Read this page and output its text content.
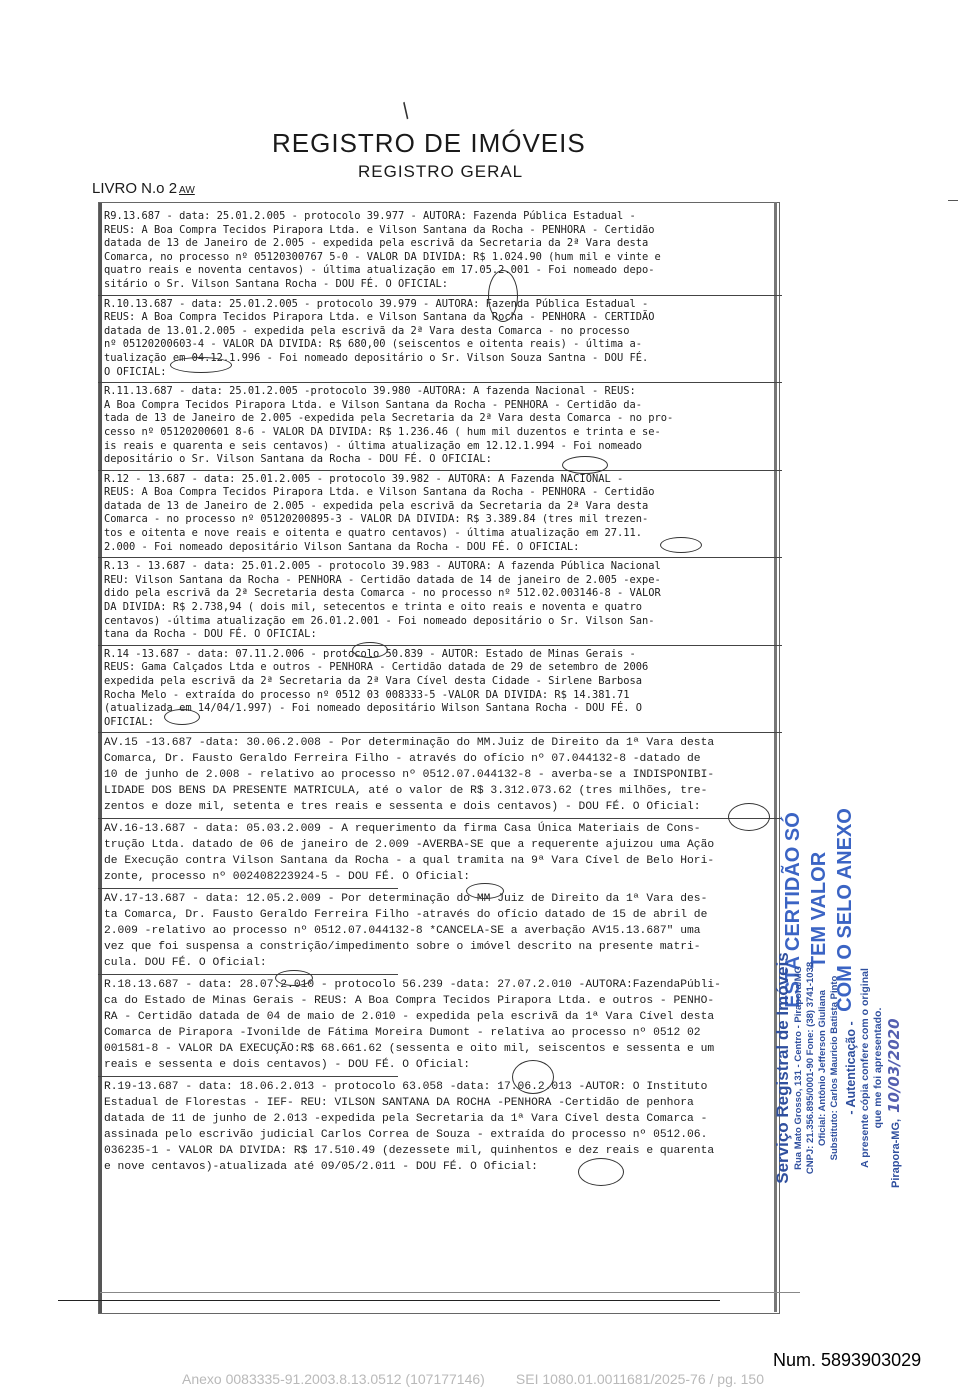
/
REGISTRO DE IMÓVEIS
REGISTRO GERAL
LIVRO N.o 2 AW
R9.13.687 - data: 25.01.2.005 - protocolo 39.977 - AUTORA: Fazenda Pública Estadual -
REUS: A Boa Compra Tecidos Pirapora Ltda. e Vilson Santana da Rocha - PENHORA - Certidão
datada de 13 de Janeiro de 2.005 - expedida pela escrivã da Secretaria da 2ª Vara desta
Comarca, no processo nº 05120300767 5-0 - VALOR DA DIVIDA: R$ 1.024.90 (hum mil e vinte e
quatro reais e noventa centavos) - última atualização em 17.05.2.001 - Foi nomeado depo-
sitário o Sr. Vilson Santana Rocha - DOU FÉ. O OFICIAL:
R.10.13.687 - data: 25.01.2.005 - protocolo 39.979 - AUTORA: Fazenda Pública Estadual -
REUS: A Boa Compra Tecidos Pirapora Ltda. e Vilson Santana da Rocha - PENHORA - CERTIDÃO
datada de 13.01.2.005 - expedida pela escrivã da 2ª Vara desta Comarca - no processo
nº 05120200603-4 - VALOR DA DIVIDA: R$ 680,00 (seiscentos e oitenta reais) - última a-
tualização em 04.12.1.996 - Foi nomeado depositário o Sr. Vilson Souza Santna - DOU FÉ.
O OFICIAL:
R.11.13.687 - data: 25.01.2.005 -protocolo 39.980 -AUTORA: A fazenda Nacional - REUS:
A Boa Compra Tecidos Pirapora Ltda. e Vilson Santana da Rocha - PENHORA - Certidão da-
tada de 13 de Janeiro de 2.005 -expedida pela Secretaria da 2ª Vara desta Comarca - no pro-
cesso nº 05120200601 8-6 - VALOR DA DIVIDA: R$ 1.236.46 ( hum mil duzentos e trinta e se-
is reais e quarenta e seis centavos) - última atualização em 12.12.1.994 - Foi nomeado
depositário o Sr. Vilson Santana da Rocha - DOU FÉ. O OFICIAL:
R.12 - 13.687 - data: 25.01.2.005 - protocolo 39.982 - AUTORA: A Fazenda NACIONAL -
REUS: A Boa Compra Tecidos Pirapora Ltda. e Vilson Santana da Rocha - PENHORA - Certidão
datada de 13 de Janeiro de 2.005 - expedida pela escrivã da Secretaria da 2ª Vara desta
Comarca - no processo nº 05120200895-3 - VALOR DA DIVIDA: R$ 3.389.84 (tres mil trezen-
tos e oitenta e nove reais e oitenta e quatro centavos) - última atualização em 27.11.
2.000 - Foi nomeado depositário Vilson Santana da Rocha - DOU FÉ. O OFICIAL:
R.13 - 13.687 - data: 25.01.2.005 - protocolo 39.983 - AUTORA: A fazenda Pública Nacional
REU: Vilson Santana da Rocha - PENHORA - Certidão datada de 14 de janeiro de 2.005 -expe-
dido pela escrivã da 2ª Secretaria desta Comarca - no processo nº 512.02.003146-8 - VALOR
DA DIVIDA: R$ 2.738,94 ( dois mil, setecentos e trinta e oito reais e noventa e quatro
centavos) -última atualização em 26.01.2.001 - Foi nomeado depositário o Sr. Vilson San-
tana da Rocha - DOU FÉ. O OFICIAL:
R.14 -13.687 - data: 07.11.2.006 - protocolo 50.839 - AUTOR: Estado de Minas Gerais -
REUS: Gama Calçados Ltda e outros - PENHORA - Certidão datada de 29 de setembro de 2006
expedida pela escrivã da 2ª Secretaria da 2ª Vara Cível desta Cidade - Sirlene Barbosa
Rocha Melo - extraída do processo nº 0512 03 008333-5 -VALOR DA DIVIDA: R$ 14.381.71
(atualizada em 14/04/1.997) - Foi nomeado depositário Wilson Santana Rocha - DOU FÉ. O
OFICIAL:
AV.15 -13.687 -data: 30.06.2.008 - Por determinação do MM.Juiz de Direito da 1ª Vara desta
Comarca, Dr. Fausto Geraldo Ferreira Filho - através do ofício nº 07.044132-8 -datado de
10 de junho de 2.008 - relativo ao processo nº 0512.07.044132-8 - averba-se a INDISPONIBI-
LIDADE DOS BENS DA PRESENTE MATRICULA, até o valor de R$ 3.312.073.62 (tres milhões, tre-
zentos e doze mil, setenta e tres reais e sessenta e dois centavos) - DOU FÉ. O Oficial:
AV.16-13.687 - data: 05.03.2.009 - A requerimento da firma Casa Única Materiais de Cons-
trução Ltda. datado de 06 de janeiro de 2.009 -AVERBA-SE que a requerente ajuizou uma Ação
de Execução contra Vilson Santana da Rocha - a qual tramita na 9ª Vara Cível de Belo Hori-
zonte, processo nº 002408223924-5 - DOU FÉ. O Oficial:
AV.17-13.687 - data: 12.05.2.009 - Por determinação do MM Juiz de Direito da 1ª Vara des-
ta Comarca, Dr. Fausto Geraldo Ferreira Filho -através do ofício datado de 15 de abril de
2.009 -relativo ao processo nº 0512.07.044132-8 *CANCELA-SE a averbação AV15.13.687" uma
vez que foi suspensa a constrição/impedimento sobre o imóvel descrito na presente matri-
cula. DOU FÉ. O Oficial:
R.18.13.687 - data: 28.07.2.010 - protocolo 56.239 -data: 27.07.2.010 -AUTORA:FazendaPúbli-
ca do Estado de Minas Gerais - REUS: A Boa Compra Tecidos Pirapora Ltda. e outros - PENHO-
RA - Certidão datada de 04 de maio de 2.010 - expedida pela escrivã da 1ª Vara Cível desta
Comarca de Pirapora -Ivonilde de Fátima Moreira Dumont - relativa ao processo nº 0512 02
001581-8 - VALOR DA EXECUÇÃO:R$ 68.661.62 (sessenta e oito mil, seiscentos e sessenta e um
reais e sessenta e dois centavos) - DOU FÉ. O Oficial:
R.19-13.687 - data: 18.06.2.013 - protocolo 63.058 -data: 17.06.2.013 -AUTOR: O Instituto
Estadual de Florestas - IEF- REU: VILSON SANTANA DA ROCHA -PENHORA -Certidão de penhora
datada de 11 de junho de 2.013 -expedida pela Secretaria da 1ª Vara Cível desta Comarca -
assinada pelo escrivão judicial Carlos Correa de Souza - extraída do processo nº 0512.06.
036235-1 - VALOR DA DIVIDA: R$ 17.510.49 (dezessete mil, quinhentos e dez reais e quarenta
e nove centavos)-atualizada até 09/05/2.011 - DOU FÉ. O Oficial:
ESTA CERTIDÃO SÓ TEM VALOR COM O SELO ANEXO
Serviço Registral de Imóveis Rua Mato Grosso, 131 - Centro - Pirapora/MG CNPJ: 21.356.895/0001-90 Fone: (38) 3741-1038 Oficial: Antônio Jefferson Giuliana Substituto: Carlos Mauricio Batista Pinto - Autenticação - A presente cópia confere com o original que me foi apresentado.
Pirapora-MG,10/03/2020
Num. 5893903029
Anexo 0083335-91.2003.8.13.0512 (107177146)        SEI 1080.01.0011681/2025-76 / pg. 150
